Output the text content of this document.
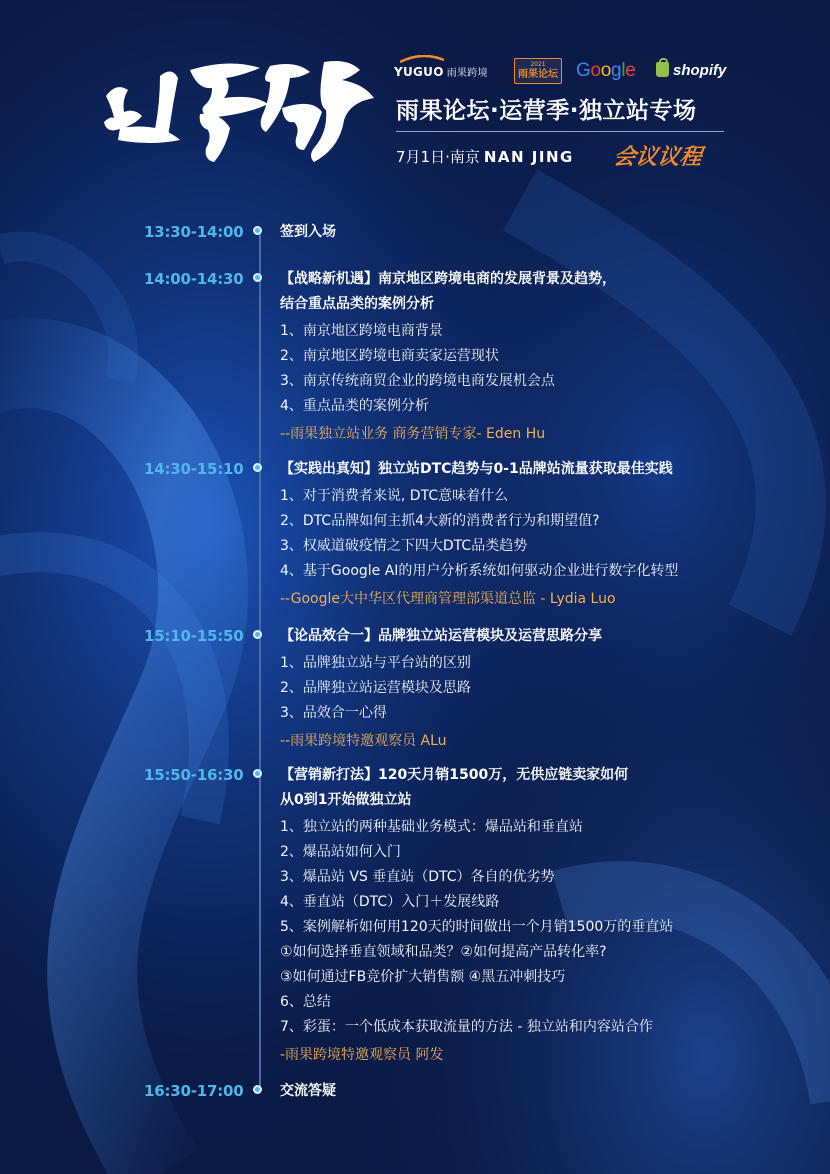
YUGUO 雨果跨境
2021
雨果论坛 Google	shopify
雨果论坛·运营季·独立站专场
7月1日·南京 NAN JING 会议议程
13:30-14:00	签到入场
14:00-14:30	【战略新机遇】南京地区跨境电商的发展背景及趋势，
结合重点品类的案例分析
1、南京地区跨境电商背景
2、南京地区跨境电商卖家运营现状
3、南京传统商贸企业的跨境电商发展机会点
4、重点品类的案例分析
--雨果独立站业务 商务营销专家- Eden Hu
14:30-15:10	【实践出真知】独立站DTC趋势与0-1品牌站流量获取最佳实践
1、对于消费者来说, DTC意味着什么
2、DTC品牌如何主抓4大新的消费者行为和期望值?
3、权威道破疫情之下四大DTC品类趋势
4、基于Google AI的用户分析系统如何驱动企业进行数字化转型
--Google大中华区代理商管理部渠道总监 - Lydia Luo
15:10-15:50	【论品效合一】品牌独立站运营模块及运营思路分享
1、品牌独立站与平台站的区别
2、品牌独立站运营模块及思路
3、品效合一心得
--雨果跨境特邀观察员 ALu
15:50-16:30	【营销新打法】120天月销1500万，无供应链卖家如何
从0到1开始做独立站
1、独立站的两种基础业务模式：爆品站和垂直站
2、爆品站如何入门
3、爆品站 VS 垂直站（DTC）各自的优劣势
4、垂直站（DTC）入门＋发展线路
5、案例解析如何用120天的时间做出一个月销1500万的垂直站
①如何选择垂直领域和品类？②如何提高产品转化率?
③如何通过FB竞价扩大销售额 ④黑五冲刺技巧
6、总结
7、彩蛋：一个低成本获取流量的方法 - 独立站和内容站合作
-雨果跨境特邀观察员 阿发
16:30-17:00	交流答疑
